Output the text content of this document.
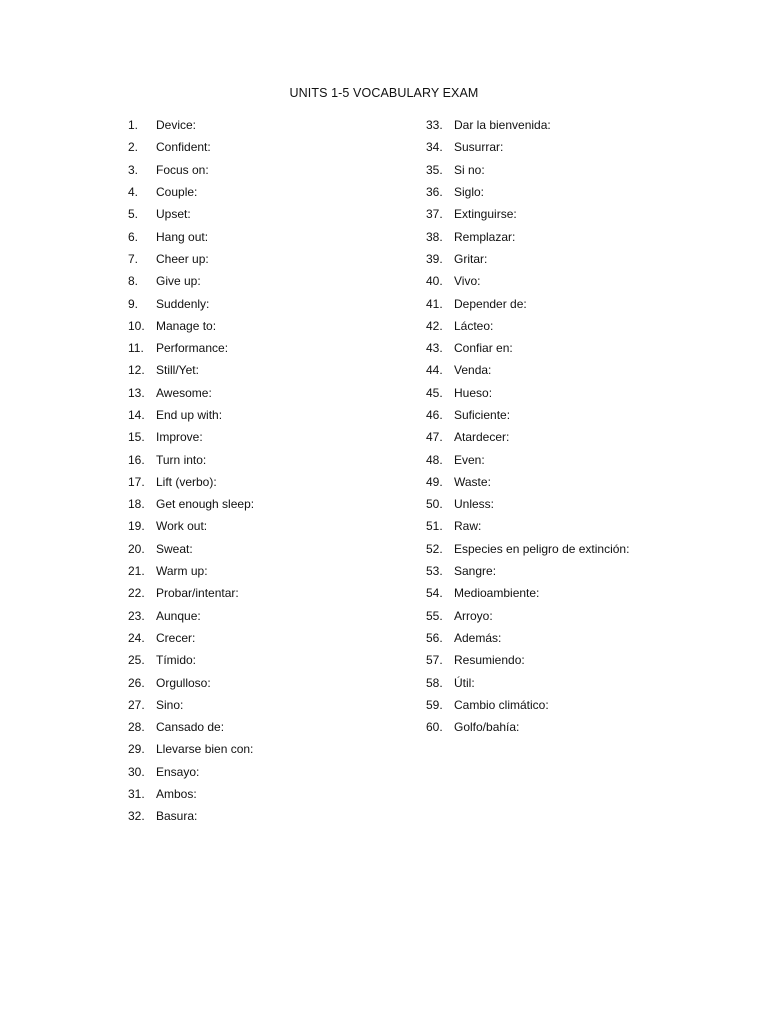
UNITS 1-5 VOCABULARY EXAM
1.	Device:
2.	Confident:
3.	Focus on:
4.	Couple:
5.	Upset:
6.	Hang out:
7.	Cheer up:
8.	Give up:
9.	Suddenly:
10. Manage to:
11.	Performance:
12. Still/Yet:
13. Awesome:
14. End up with:
15. Improve:
16. Turn into:
17. Lift (verbo):
18. Get enough sleep:
19. Work out:
20. Sweat:
21. Warm up:
22. Probar/intentar:
23. Aunque:
24. Crecer:
25. Tímido:
26. Orgulloso:
27. Sino:
28. Cansado de:
29. Llevarse bien con:
30. Ensayo:
31. Ambos:
32. Basura:
33. Dar la bienvenida:
34. Susurrar:
35. Si no:
36. Siglo:
37. Extinguirse:
38. Remplazar:
39. Gritar:
40. Vivo:
41. Depender de:
42. Lácteo:
43. Confiar en:
44. Venda:
45. Hueso:
46. Suficiente:
47. Atardecer:
48. Even:
49. Waste:
50. Unless:
51. Raw:
52. Especies en peligro de extinción:
53. Sangre:
54. Medioambiente:
55. Arroyo:
56. Además:
57. Resumiendo:
58. Útil:
59. Cambio climático:
60. Golfo/bahía:
